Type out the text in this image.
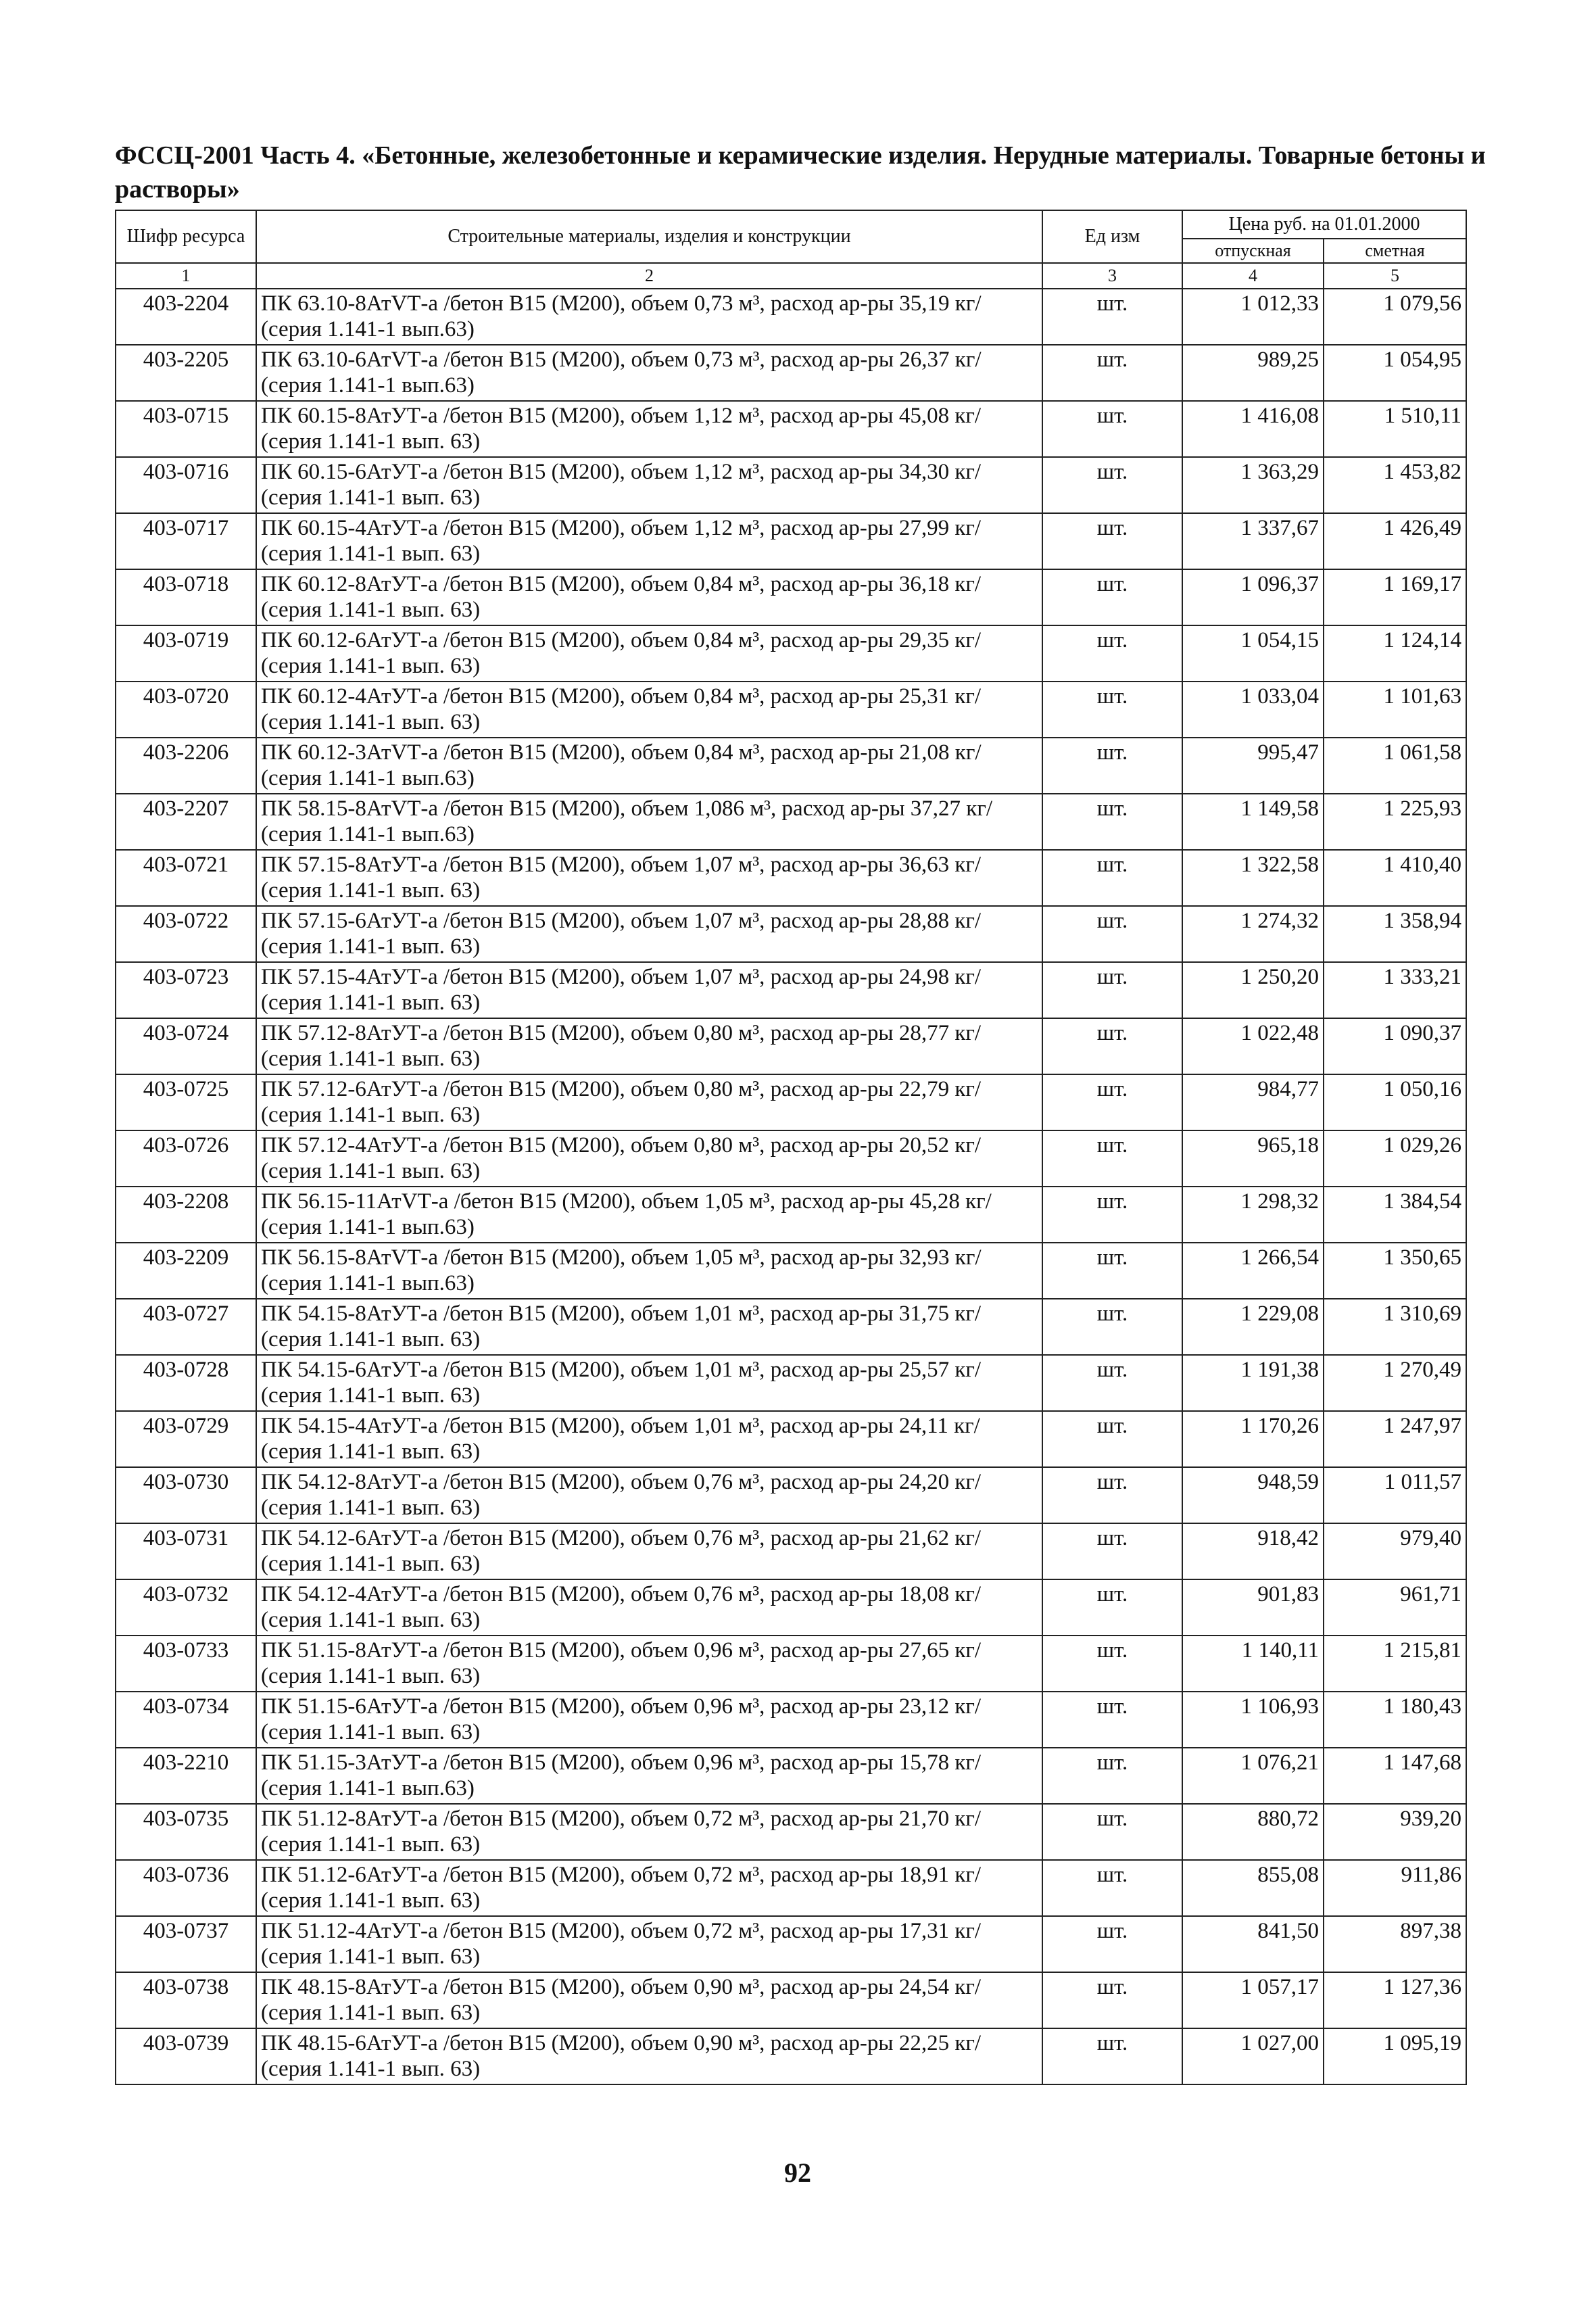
ФССЦ-2001 Часть 4. «Бетонные, железобетонные и керамические изделия. Нерудные материалы. Товарные бетоны и растворы»
Шифр ресурса	Строительные материалы, изделия и конструкции	Ед изм	Цена руб. на 01.01.2000	
			отпускная	сметная
1	2	3	4	5
403-2204	ПК 63.10-8АтVТ-а /бетон В15 (М200), объем 0,73 м³, расход ар-ры 35,19 кг/ (серия 1.141-1 вып.63)	шт.	1 012,33	1 079,56
403-2205	ПК 63.10-6АтVТ-а /бетон В15 (М200), объем 0,73 м³, расход ар-ры 26,37 кг/ (серия 1.141-1 вып.63)	шт.	989,25	1 054,95
403-0715	ПК 60.15-8АтУТ-а /бетон В15 (М200), объем 1,12 м³, расход ар-ры 45,08 кг/ (серия 1.141-1 вып. 63)	шт.	1 416,08	1 510,11
403-0716	ПК 60.15-6АтУТ-а /бетон В15 (М200), объем 1,12 м³, расход ар-ры 34,30 кг/ (серия 1.141-1 вып. 63)	шт.	1 363,29	1 453,82
403-0717	ПК 60.15-4АтУТ-а /бетон В15 (М200), объем 1,12 м³, расход ар-ры 27,99 кг/ (серия 1.141-1 вып. 63)	шт.	1 337,67	1 426,49
403-0718	ПК 60.12-8АтУТ-а /бетон В15 (М200), объем 0,84 м³, расход ар-ры 36,18 кг/ (серия 1.141-1 вып. 63)	шт.	1 096,37	1 169,17
403-0719	ПК 60.12-6АтУТ-а /бетон В15 (М200), объем 0,84 м³, расход ар-ры 29,35 кг/ (серия 1.141-1 вып. 63)	шт.	1 054,15	1 124,14
403-0720	ПК 60.12-4АтУТ-а /бетон В15 (М200), объем 0,84 м³, расход ар-ры 25,31 кг/ (серия 1.141-1 вып. 63)	шт.	1 033,04	1 101,63
403-2206	ПК 60.12-3АтVТ-а /бетон В15 (М200), объем 0,84 м³, расход ар-ры 21,08 кг/ (серия 1.141-1 вып.63)	шт.	995,47	1 061,58
403-2207	ПК 58.15-8АтVТ-а /бетон В15 (М200), объем 1,086 м³, расход ар-ры 37,27 кг/ (серия 1.141-1 вып.63)	шт.	1 149,58	1 225,93
403-0721	ПК 57.15-8АтУТ-а /бетон В15 (М200), объем 1,07 м³, расход ар-ры 36,63 кг/ (серия 1.141-1 вып. 63)	шт.	1 322,58	1 410,40
403-0722	ПК 57.15-6АтУТ-а /бетон В15 (М200), объем 1,07 м³, расход ар-ры 28,88 кг/ (серия 1.141-1 вып. 63)	шт.	1 274,32	1 358,94
403-0723	ПК 57.15-4АтУТ-а /бетон В15 (М200), объем 1,07 м³, расход ар-ры 24,98 кг/ (серия 1.141-1 вып. 63)	шт.	1 250,20	1 333,21
403-0724	ПК 57.12-8АтУТ-а /бетон В15 (М200), объем 0,80 м³, расход ар-ры 28,77 кг/ (серия 1.141-1 вып. 63)	шт.	1 022,48	1 090,37
403-0725	ПК 57.12-6АтУТ-а /бетон В15 (М200), объем 0,80 м³, расход ар-ры 22,79 кг/ (серия 1.141-1 вып. 63)	шт.	984,77	1 050,16
403-0726	ПК 57.12-4АтУТ-а /бетон В15 (М200), объем 0,80 м³, расход ар-ры 20,52 кг/ (серия 1.141-1 вып. 63)	шт.	965,18	1 029,26
403-2208	ПК 56.15-11АтVТ-а /бетон В15 (М200), объем 1,05 м³, расход ар-ры 45,28 кг/ (серия 1.141-1 вып.63)	шт.	1 298,32	1 384,54
403-2209	ПК 56.15-8АтVТ-а /бетон В15 (М200), объем 1,05 м³, расход ар-ры 32,93 кг/ (серия 1.141-1 вып.63)	шт.	1 266,54	1 350,65
403-0727	ПК 54.15-8АтУТ-а /бетон В15 (М200), объем 1,01 м³, расход ар-ры 31,75 кг/ (серия 1.141-1 вып. 63)	шт.	1 229,08	1 310,69
403-0728	ПК 54.15-6АтУТ-а /бетон В15 (М200), объем 1,01 м³, расход ар-ры 25,57 кг/ (серия 1.141-1 вып. 63)	шт.	1 191,38	1 270,49
403-0729	ПК 54.15-4АтУТ-а /бетон В15 (М200), объем 1,01 м³, расход ар-ры 24,11 кг/ (серия 1.141-1 вып. 63)	шт.	1 170,26	1 247,97
403-0730	ПК 54.12-8АтУТ-а /бетон В15 (М200), объем 0,76 м³, расход ар-ры 24,20 кг/ (серия 1.141-1 вып. 63)	шт.	948,59	1 011,57
403-0731	ПК 54.12-6АтУТ-а /бетон В15 (М200), объем 0,76 м³, расход ар-ры 21,62 кг/ (серия 1.141-1 вып. 63)	шт.	918,42	979,40
403-0732	ПК 54.12-4АтУТ-а /бетон В15 (М200), объем 0,76 м³, расход ар-ры 18,08 кг/ (серия 1.141-1 вып. 63)	шт.	901,83	961,71
403-0733	ПК 51.15-8АтУТ-а /бетон В15 (М200), объем 0,96 м³, расход ар-ры 27,65 кг/ (серия 1.141-1 вып. 63)	шт.	1 140,11	1 215,81
403-0734	ПК 51.15-6АтУТ-а /бетон В15 (М200), объем 0,96 м³, расход ар-ры 23,12 кг/ (серия 1.141-1 вып. 63)	шт.	1 106,93	1 180,43
403-2210	ПК 51.15-3АтУТ-а /бетон В15 (М200), объем 0,96 м³, расход ар-ры 15,78 кг/ (серия 1.141-1 вып.63)	шт.	1 076,21	1 147,68
403-0735	ПК 51.12-8АтУТ-а /бетон В15 (М200), объем 0,72 м³, расход ар-ры 21,70 кг/ (серия 1.141-1 вып. 63)	шт.	880,72	939,20
403-0736	ПК 51.12-6АтУТ-а /бетон В15 (М200), объем 0,72 м³, расход ар-ры 18,91 кг/ (серия 1.141-1 вып. 63)	шт.	855,08	911,86
403-0737	ПК 51.12-4АтУТ-а /бетон В15 (М200), объем 0,72 м³, расход ар-ры 17,31 кг/ (серия 1.141-1 вып. 63)	шт.	841,50	897,38
403-0738	ПК 48.15-8АтУТ-а /бетон В15 (М200), объем 0,90 м³, расход ар-ры 24,54 кг/ (серия 1.141-1 вып. 63)	шт.	1 057,17	1 127,36
403-0739	ПК 48.15-6АтУТ-а /бетон В15 (М200), объем 0,90 м³, расход ар-ры 22,25 кг/ (серия 1.141-1 вып. 63)	шт.	1 027,00	1 095,19
92
